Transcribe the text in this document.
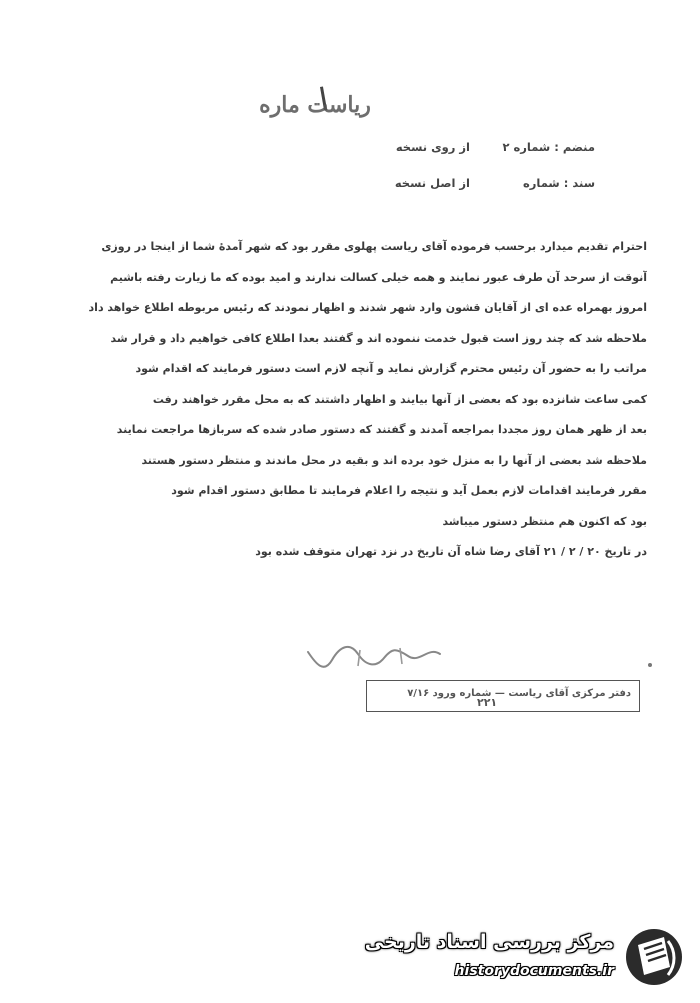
ریاست ماره
منضم : شماره ۲
از روی نسخه
سند : شماره
از اصل نسخه

احترام تقدیم میدارد برحسب فرموده آقای ریاست پهلوی مقرر بود که شهر آمدهٔ شما از اینجا در روزی

آنوقت از سرحد آن طرف عبور نمایند و همه خیلی کسالت ندارند و امید بوده که ما زیارت رفته باشیم

امروز بهمراه عده ای از آقایان قشون وارد شهر شدند و اظهار نمودند که رئیس مربوطه اطلاع خواهد داد

ملاحظه شد که چند روز است قبول خدمت ننموده اند و گفتند بعدا اطلاع کافی خواهیم داد و قرار شد

مراتب را به حضور آن رئیس محترم گزارش نماید و آنچه لازم است دستور فرمایند که اقدام شود

کمی ساعت شانزده بود که بعضی از آنها بیایند و اظهار داشتند که به محل مقرر خواهند رفت

بعد از ظهر همان روز مجددا بمراجعه آمدند و گفتند که دستور صادر شده که سربازها مراجعت نمایند

ملاحظه شد بعضی از آنها را به منزل خود برده اند و بقیه در محل ماندند و منتظر دستور هستند

مقرر فرمایند اقدامات لازم بعمل آید و نتیجه را اعلام فرمایند تا مطابق دستور اقدام شود

بود که اکنون هم منتظر دستور میباشد

در تاریخ ۲۰ / ۲ / ۲۱ آقای رضا شاه آن تاریخ در نزد تهران متوقف شده بود

دفتر مرکزی آقای ریاست — شماره ورود ۷/۱۶
۲۲۱
مرکز بررسی اسناد تاریخی
historydocuments.ir
